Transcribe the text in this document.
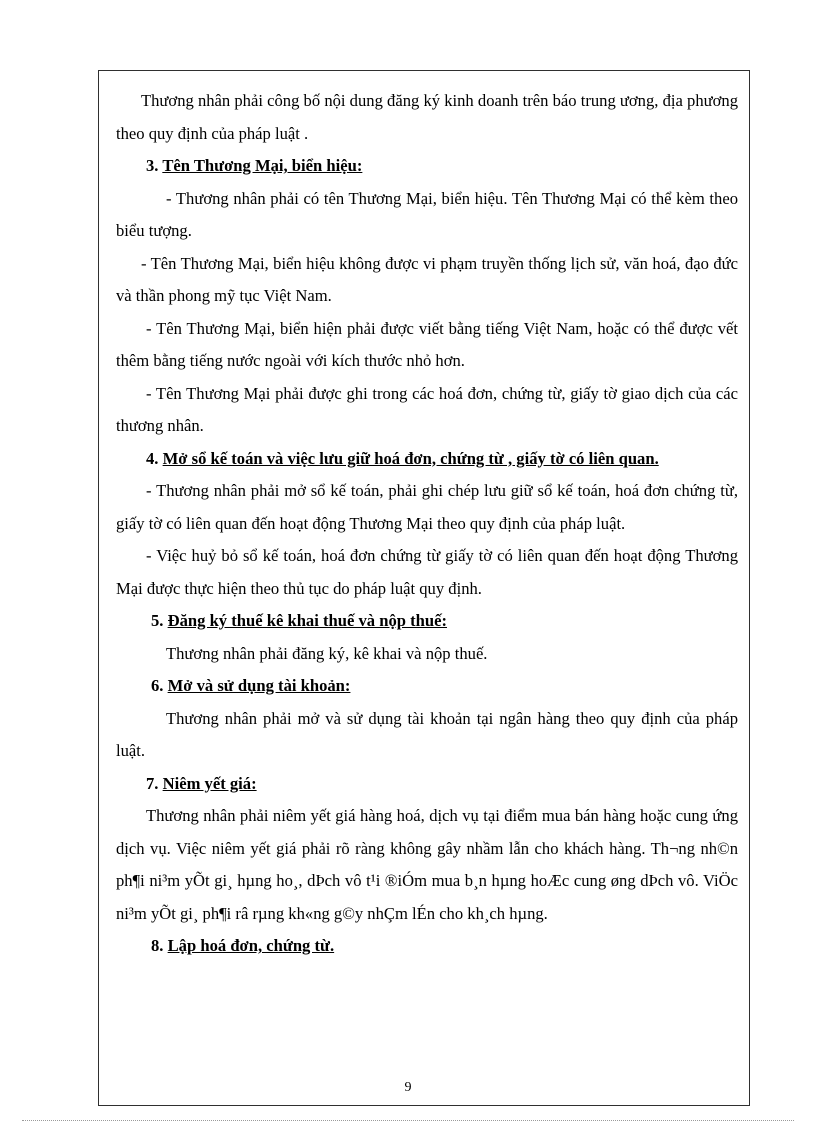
Thương nhân phải công bố nội dung đăng ký kinh doanh trên báo trung ương, địa phương theo quy định của pháp luật .

3. Tên Thương Mại, biển hiệu:

- Thương nhân phải có tên Thương Mại, biển hiệu. Tên Thương Mại có thể kèm theo biểu tượng.

- Tên Thương Mại, biển hiệu không được vi phạm truyền thống lịch sử, văn hoá, đạo đức và thần phong mỹ tục Việt Nam.

- Tên Thương Mại, biển hiện phải được viết bằng tiếng Việt Nam, hoặc có thể được vết thêm bằng tiếng nước ngoài với kích thước nhỏ hơn.

- Tên Thương Mại phải được ghi trong các hoá đơn, chứng từ, giấy tờ giao dịch của các thương nhân.

4. Mở sổ kế toán và việc lưu giữ hoá đơn, chứng từ , giấy tờ có liên quan.

- Thương nhân phải mở sổ kế toán, phải ghi chép lưu giữ sổ kế toán, hoá đơn chứng từ, giấy tờ có liên quan đến hoạt động Thương Mại theo quy định của pháp luật.

- Việc huỷ bỏ sổ kế toán, hoá đơn chứng từ giấy tờ có liên quan đến hoạt động Thương Mại được thực hiện theo thủ tục do pháp luật quy định.

5. Đăng ký thuế kê khai thuế và nộp thuế:

Thương nhân phải đăng ký, kê khai và nộp thuế.

6. Mở và sử dụng tài khoản:

Thương nhân phải mở và sử dụng tài khoản tại ngân hàng theo quy định của pháp luật.

7. Niêm yết giá:

Thương nhân phải niêm yết giá hàng hoá, dịch vụ tại điểm mua bán hàng hoặc cung ứng dịch vụ. Việc niêm yết giá phải rõ ràng không gây nhầm lẫn cho khách hàng. Th¬ng nh©n ph¶i ni³m yÕt gi¸ hµng ho¸, dÞch vô t¹i ®iÓm mua b¸n hµng hoÆc cung øng dÞch vô. ViÖc ni³m yÕt gi¸ ph¶i râ rµng kh«ng g©y nhÇm lÉn cho kh¸ch hµng.

8. Lập hoá đơn, chứng từ.

9
